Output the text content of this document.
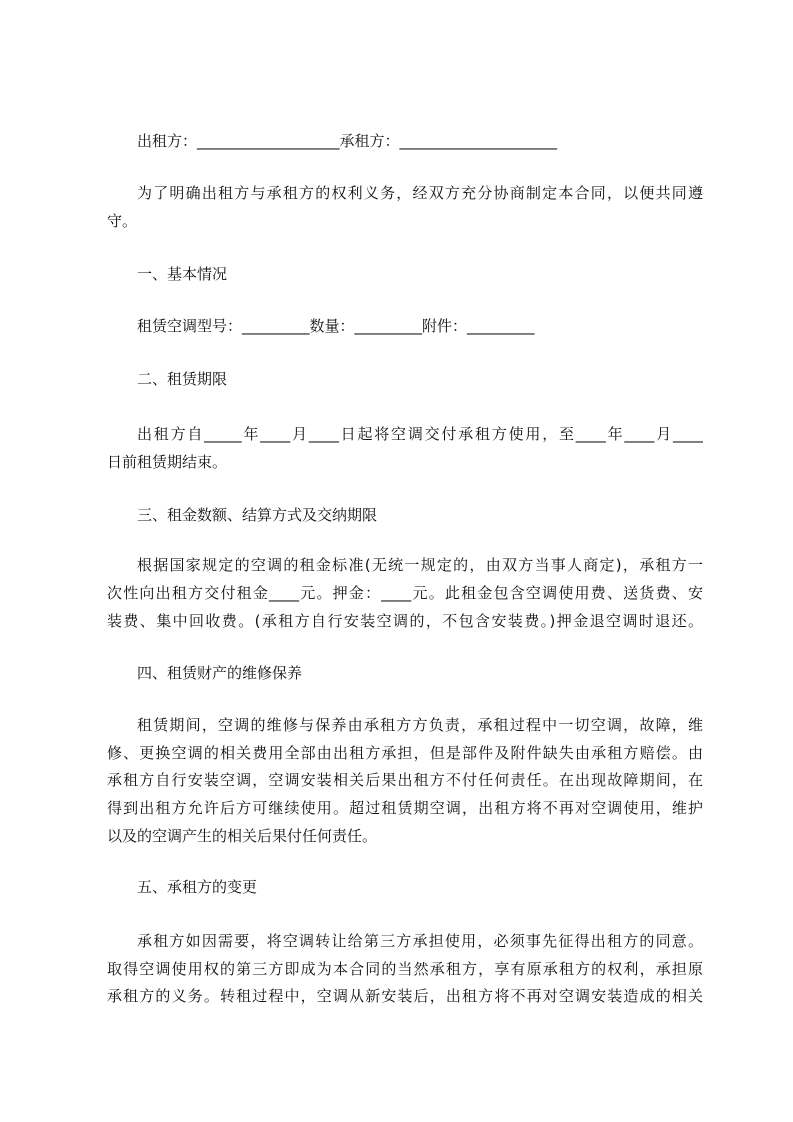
出租方：___________________承租方：_____________________
为了明确出租方与承租方的权利义务，经双方充分协商制定本合同，以便共同遵
守。
一、基本情况
租赁空调型号：_________数量：_________附件：_________
二、租赁期限
出租方自_____年____月____日起将空调交付承租方使用，至____年____月____
日前租赁期结束。
三、租金数额、结算方式及交纳期限
根据国家规定的空调的租金标准(无统一规定的，由双方当事人商定)，承租方一
次性向出租方交付租金____元。押金：____元。此租金包含空调使用费、送货费、安
装费、集中回收费。(承租方自行安装空调的，不包含安装费。)押金退空调时退还。
四、租赁财产的维修保养
租赁期间，空调的维修与保养由承租方方负责，承租过程中一切空调，故障，维
修、更换空调的相关费用全部由出租方承担，但是部件及附件缺失由承租方赔偿。由
承租方自行安装空调，空调安装相关后果出租方不付任何责任。在出现故障期间，在
得到出租方允许后方可继续使用。超过租赁期空调，出租方将不再对空调使用，维护
以及的空调产生的相关后果付任何责任。
五、承租方的变更
承租方如因需要，将空调转让给第三方承担使用，必须事先征得出租方的同意。
取得空调使用权的第三方即成为本合同的当然承租方，享有原承租方的权利，承担原
承租方的义务。转租过程中，空调从新安装后，出租方将不再对空调安装造成的相关
